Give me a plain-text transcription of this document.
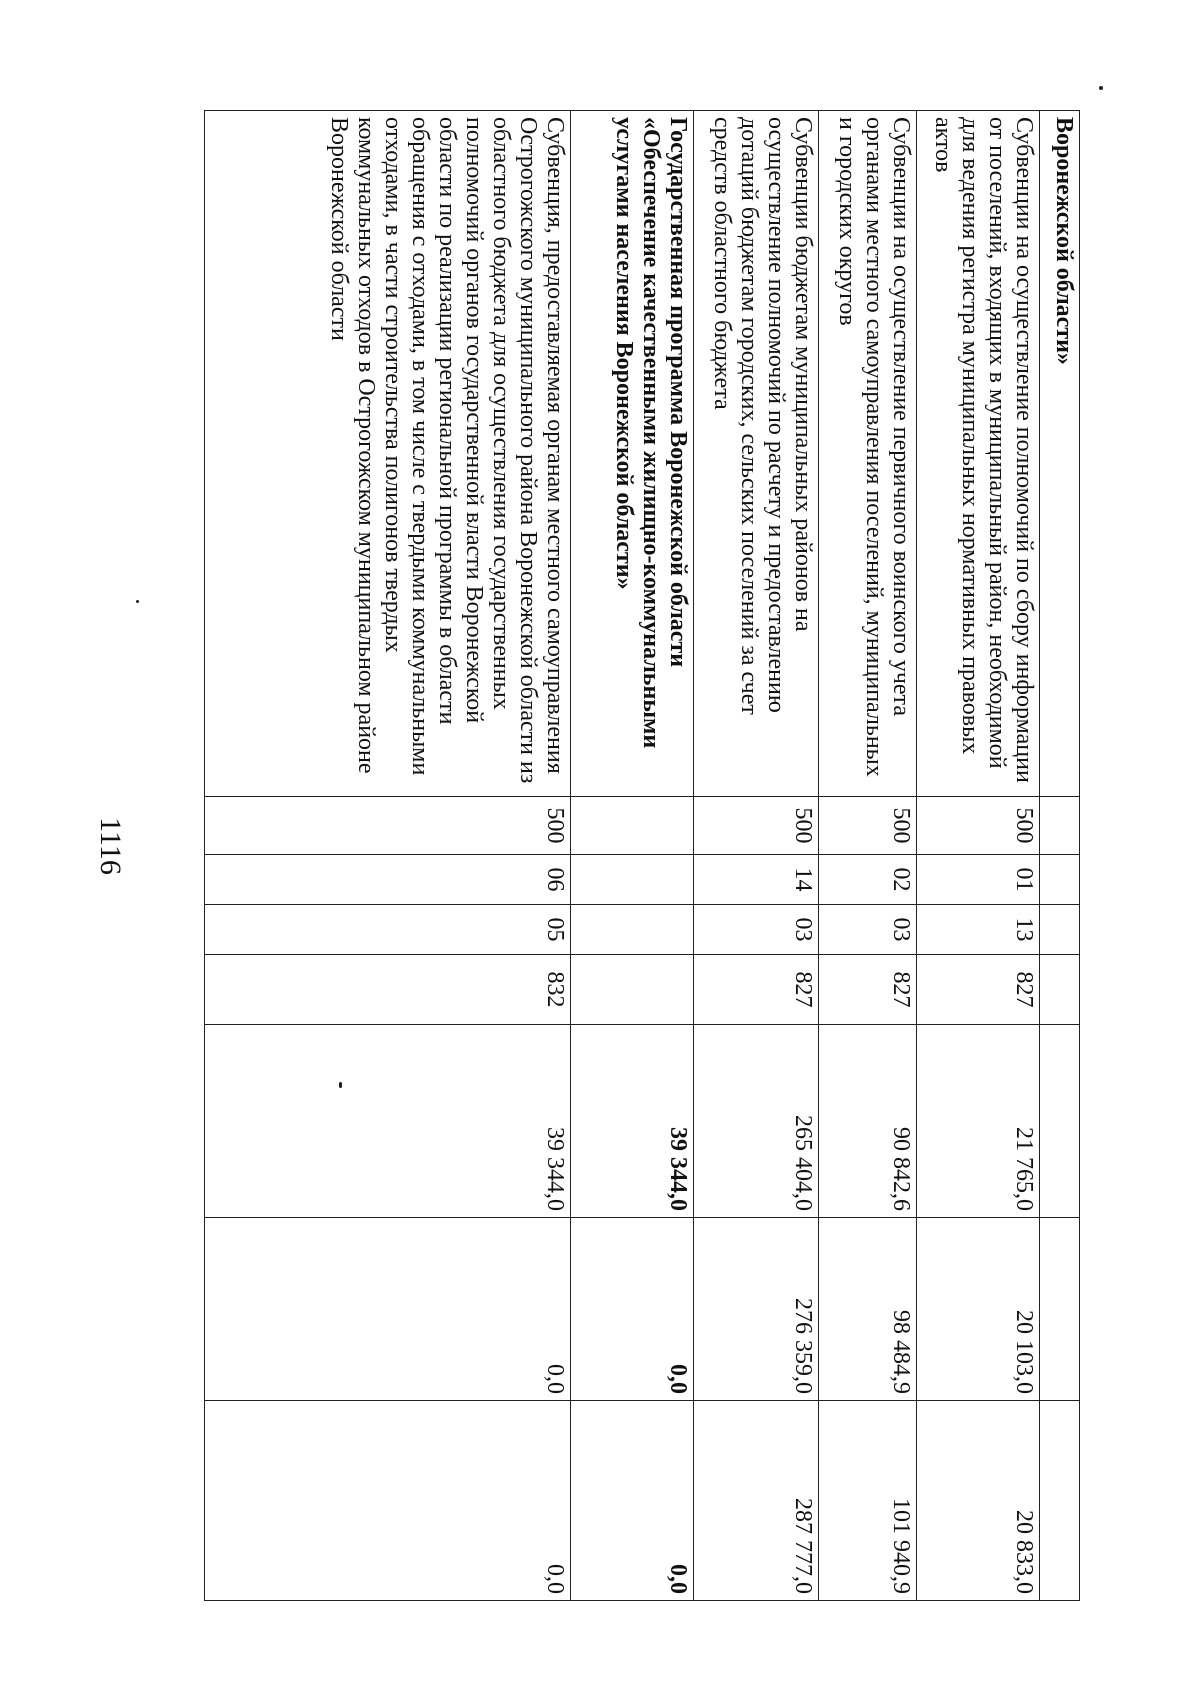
1116
Воронежской области»							
Субвенции на осуществление полномочий по сбору информации от поселений, входящих в муниципальный район, необходимой для ведения регистра муниципальных нормативных правовых актов	500	01	13	827	21 765,0	20 103,0	20 833,0
Субвенции на осуществление первичного воинского учета органами местного самоуправления поселений, муниципальных и городских округов	500	02	03	827	90 842,6	98 484,9	101 940,9
Субвенции бюджетам муниципальных районов на осуществление полномочий по расчету и предоставлению дотаций бюджетам городских, сельских поселений за счет средств областного бюджета	500	14	03	827	265 404,0	276 359,0	287 777,0
Государственная программа Воронежской области «Обеспечение качественными жилищно-коммунальными услугами населения Воронежской области»					39 344,0	0,0	0,0
Субвенция, предоставляемая органам местного самоуправления Острогожского муниципального района Воронежской области из областного бюджета для осуществления государственных полномочий органов государственной власти Воронежской области по реализации региональной программы в области обращения с отходами, в том числе с твердыми коммунальными отходами, в части строительства полигонов твердых коммунальных отходов в Острогожском муниципальном районе Воронежской области	500	06	05	832	39 344,0	0,0	0,0
